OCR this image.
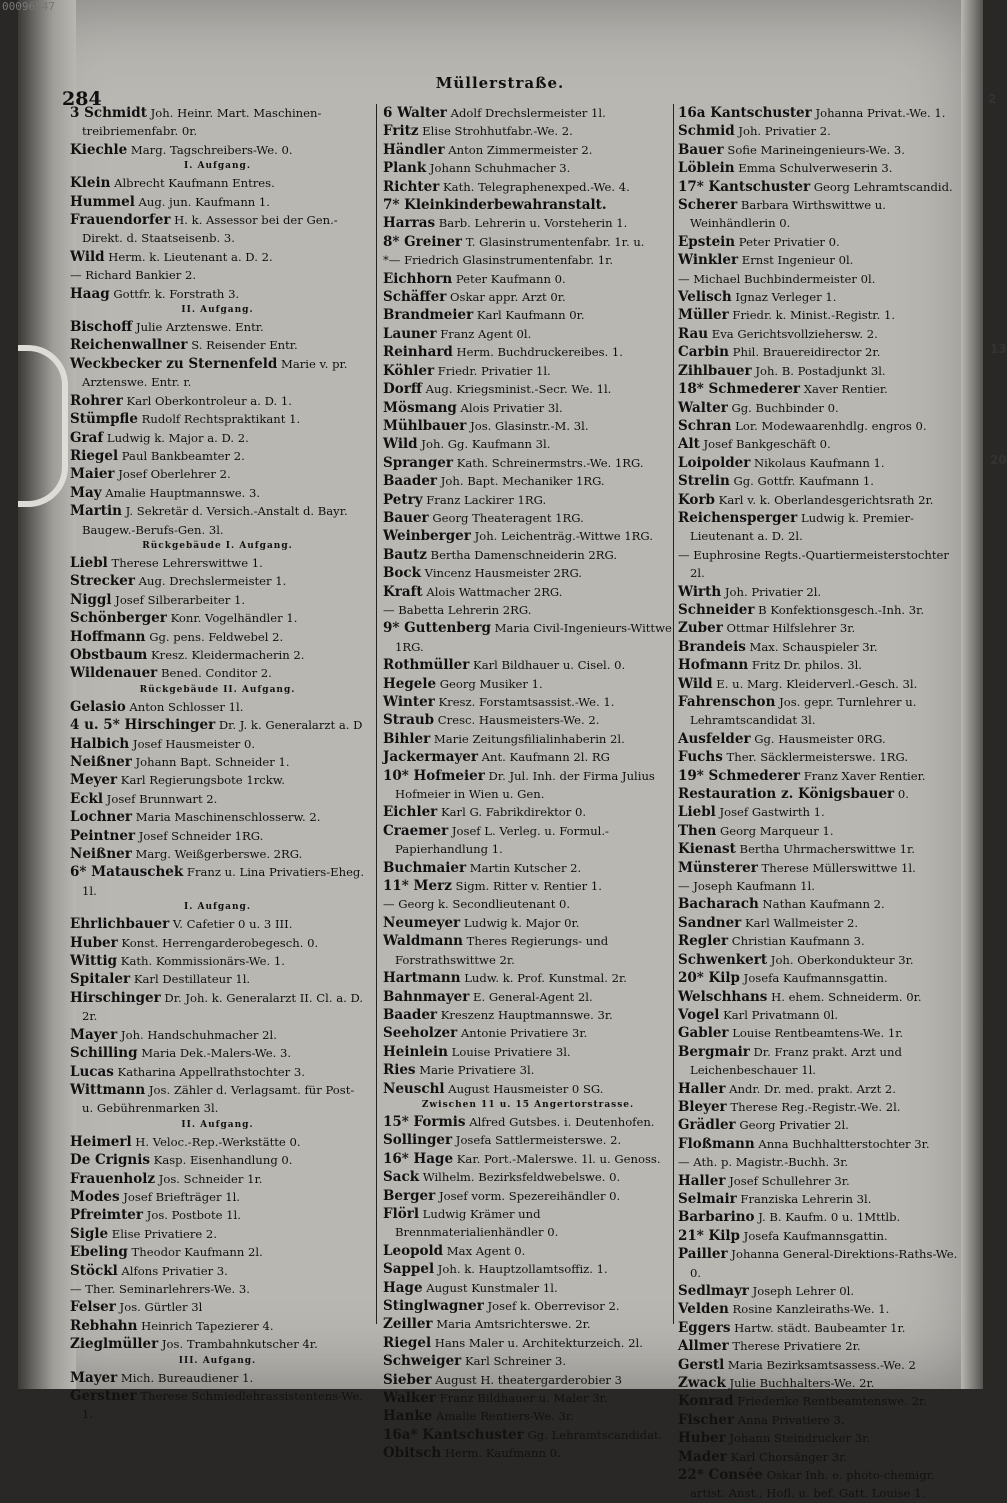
00096547
Müllerstraße.
284	2
13
20
3 Schmidt Joh. Heinr. Mart. Maschinen-treibriemenfabr. 0r.
Kiechle Marg. Tagschreibers-We. 0.
I. Aufgang.
Klein Albrecht Kaufmann Entres.
Hummel Aug. jun. Kaufmann 1.
Frauendorfer H. k. Assessor bei der Gen.-Direkt. d. Staatseisenb. 3.
Wild Herm. k. Lieutenant a. D. 2.
— Richard Bankier 2.
Haag Gottfr. k. Forstrath 3.
II. Aufgang.
Bischoff Julie Arztenswe. Entr.
Reichenwallner S. Reisender Entr.
Weckbecker zu Sternenfeld Marie v. pr. Arztenswe. Entr. r.
Rohrer Karl Oberkontroleur a. D. 1.
Stümpfle Rudolf Rechtspraktikant 1.
Graf Ludwig k. Major a. D. 2.
Riegel Paul Bankbeamter 2.
Maier Josef Oberlehrer 2.
May Amalie Hauptmannswe. 3.
Martin J. Sekretär d. Versich.-Anstalt d. Bayr. Baugew.-Berufs-Gen. 3l.
Rückgebäude I. Aufgang.
Liebl Therese Lehrerswittwe 1.
Strecker Aug. Drechslermeister 1.
Niggl Josef Silberarbeiter 1.
Schönberger Konr. Vogelhändler 1.
Hoffmann Gg. pens. Feldwebel 2.
Obstbaum Kresz. Kleidermacherin 2.
Wildenauer Bened. Conditor 2.
Rückgebäude II. Aufgang.
Gelasio Anton Schlosser 1l.
4 u. 5* Hirschinger Dr. J. k. Generalarzt a. D
Halbich Josef Hausmeister 0.
Neißner Johann Bapt. Schneider 1.
Meyer Karl Regierungsbote 1rckw.
Eckl Josef Brunnwart 2.
Lochner Maria Maschinenschlosserw. 2.
Peintner Josef Schneider 1RG.
Neißner Marg. Weißgerberswe. 2RG.
6* Matauschek Franz u. Lina Privatiers-Eheg. 1l.
I. Aufgang.
Ehrlichbauer V. Cafetier 0 u. 3 III.
Huber Konst. Herrengarderobegesch. 0.
Wittig Kath. Kommissionärs-We. 1.
Spitaler Karl Destillateur 1l.
Hirschinger Dr. Joh. k. Generalarzt II. Cl. a. D. 2r.
Mayer Joh. Handschuhmacher 2l.
Schilling Maria Dek.-Malers-We. 3.
Lucas Katharina Appellrathstochter 3.
Wittmann Jos. Zähler d. Verlagsamt. für Post- u. Gebührenmarken 3l.
II. Aufgang.
Heimerl H. Veloc.-Rep.-Werkstätte 0.
De Crignis Kasp. Eisenhandlung 0.
Frauenholz Jos. Schneider 1r.
Modes Josef Briefträger 1l.
Pfreimter Jos. Postbote 1l.
Sigle Elise Privatiere 2.
Ebeling Theodor Kaufmann 2l.
Stöckl Alfons Privatier 3.
— Ther. Seminarlehrers-We. 3.
Felser Jos. Gürtler 3l
Rebhahn Heinrich Tapezierer 4.
Zieglmüller Jos. Trambahnkutscher 4r.
III. Aufgang.
Mayer Mich. Bureaudiener 1.
Gerstner Therese Schmiedlehrassistentens-We. 1.
6 Walter Adolf Drechslermeister 1l.
Fritz Elise Strohhutfabr.-We. 2.
Händler Anton Zimmermeister 2.
Plank Johann Schuhmacher 3.
Richter Kath. Telegraphenexped.-We. 4.
7* Kleinkinderbewahranstalt.
Harras Barb. Lehrerin u. Vorsteherin 1.
8* Greiner T. Glasinstrumentenfabr. 1r. u.
*— Friedrich Glasinstrumentenfabr. 1r.
Eichhorn Peter Kaufmann 0.
Schäffer Oskar appr. Arzt 0r.
Brandmeier Karl Kaufmann 0r.
Launer Franz Agent 0l.
Reinhard Herm. Buchdruckereibes. 1.
Köhler Friedr. Privatier 1l.
Dorff Aug. Kriegsminist.-Secr. We. 1l.
Mösmang Alois Privatier 3l.
Mühlbauer Jos. Glasinstr.-M. 3l.
Wild Joh. Gg. Kaufmann 3l.
Spranger Kath. Schreinermstrs.-We. 1RG.
Baader Joh. Bapt. Mechaniker 1RG.
Petry Franz Lackirer 1RG.
Bauer Georg Theateragent 1RG.
Weinberger Joh. Leichenträg.-Wittwe 1RG.
Bautz Bertha Damenschneiderin 2RG.
Bock Vincenz Hausmeister 2RG.
Kraft Alois Wattmacher 2RG.
— Babetta Lehrerin 2RG.
9* Guttenberg Maria Civil-Ingenieurs-Wittwe 1RG.
Rothmüller Karl Bildhauer u. Cisel. 0.
Hegele Georg Musiker 1.
Winter Kresz. Forstamtsassist.-We. 1.
Straub Cresc. Hausmeisters-We. 2.
Bihler Marie Zeitungsfilialinhaberin 2l.
Jackermayer Ant. Kaufmann 2l. RG
10* Hofmeier Dr. Jul. Inh. der Firma Julius Hofmeier in Wien u. Gen.
Eichler Karl G. Fabrikdirektor 0.
Craemer Josef L. Verleg. u. Formul.-Papierhandlung 1.
Buchmaier Martin Kutscher 2.
11* Merz Sigm. Ritter v. Rentier 1.
— Georg k. Secondlieutenant 0.
Neumeyer Ludwig k. Major 0r.
Waldmann Theres Regierungs- und Forstrathswittwe 2r.
Hartmann Ludw. k. Prof. Kunstmal. 2r.
Bahnmayer E. General-Agent 2l.
Baader Kreszenz Hauptmannswe. 3r.
Seeholzer Antonie Privatiere 3r.
Heinlein Louise Privatiere 3l.
Ries Marie Privatiere 3l.
Neuschl August Hausmeister 0 SG.
Zwischen 11 u. 15 Angertorstrasse.
15* Formis Alfred Gutsbes. i. Deutenhofen.
Sollinger Josefa Sattlermeisterswe. 2.
16* Hage Kar. Port.-Malerswe. 1l. u. Genoss.
Sack Wilhelm. Bezirksfeldwebelswe. 0.
Berger Josef vorm. Spezereihändler 0.
Flörl Ludwig Krämer und Brennmaterialienhändler 0.
Leopold Max Agent 0.
Sappel Joh. k. Hauptzollamtsoffiz. 1.
Hage August Kunstmaler 1l.
Stinglwagner Josef k. Oberrevisor 2.
Zeiller Maria Amtsrichterswe. 2r.
Riegel Hans Maler u. Architekturzeich. 2l.
Schweiger Karl Schreiner 3.
Sieber August H. theatergarderobier 3
Walker Franz Bildhauer u. Maler 3r.
Hanke Amalie Rentiers-We. 3r.
16a* Kantschuster Gg. Lehramtscandidat.
Obitsch Herm. Kaufmann 0.
16a Kantschuster Johanna Privat.-We. 1.
Schmid Joh. Privatier 2.
Bauer Sofie Marineingenieurs-We. 3.
Löblein Emma Schulverweserin 3.
17* Kantschuster Georg Lehramtscandid.
Scherer Barbara Wirthswittwe u. Weinhändlerin 0.
Epstein Peter Privatier 0.
Winkler Ernst Ingenieur 0l.
— Michael Buchbindermeister 0l.
Velisch Ignaz Verleger 1.
Müller Friedr. k. Minist.-Registr. 1.
Rau Eva Gerichtsvollziehersw. 2.
Carbin Phil. Brauereidirector 2r.
Zihlbauer Joh. B. Postadjunkt 3l.
18* Schmederer Xaver Rentier.
Walter Gg. Buchbinder 0.
Schran Lor. Modewaarenhdlg. engros 0.
Alt Josef Bankgeschäft 0.
Loipolder Nikolaus Kaufmann 1.
Strelin Gg. Gottfr. Kaufmann 1.
Korb Karl v. k. Oberlandesgerichtsrath 2r.
Reichensperger Ludwig k. Premier-Lieutenant a. D. 2l.
— Euphrosine Regts.-Quartiermeisterstochter 2l.
Wirth Joh. Privatier 2l.
Schneider B Konfektionsgesch.-Inh. 3r.
Zuber Ottmar Hilfslehrer 3r.
Brandeis Max. Schauspieler 3r.
Hofmann Fritz Dr. philos. 3l.
Wild E. u. Marg. Kleiderverl.-Gesch. 3l.
Fahrenschon Jos. gepr. Turnlehrer u. Lehramtscandidat 3l.
Ausfelder Gg. Hausmeister 0RG.
Fuchs Ther. Säcklermeisterswe. 1RG.
19* Schmederer Franz Xaver Rentier.
Restauration z. Königsbauer 0.
Liebl Josef Gastwirth 1.
Then Georg Marqueur 1.
Kienast Bertha Uhrmacherswittwe 1r.
Münsterer Therese Müllerswittwe 1l.
— Joseph Kaufmann 1l.
Bacharach Nathan Kaufmann 2.
Sandner Karl Wallmeister 2.
Regler Christian Kaufmann 3.
Schwenkert Joh. Oberkondukteur 3r.
20* Kilp Josefa Kaufmannsgattin.
Welschhans H. ehem. Schneiderm. 0r.
Vogel Karl Privatmann 0l.
Gabler Louise Rentbeamtens-We. 1r.
Bergmair Dr. Franz prakt. Arzt und Leichenbeschauer 1l.
Haller Andr. Dr. med. prakt. Arzt 2.
Bleyer Therese Reg.-Registr.-We. 2l.
Grädler Georg Privatier 2l.
Floßmann Anna Buchhaltterstochter 3r.
— Ath. p. Magistr.-Buchh. 3r.
Haller Josef Schullehrer 3r.
Selmair Franziska Lehrerin 3l.
Barbarino J. B. Kaufm. 0 u. 1Mttlb.
21* Kilp Josefa Kaufmannsgattin.
Pailler Johanna General-Direktions-Raths-We. 0.
Sedlmayr Joseph Lehrer 0l.
Velden Rosine Kanzleiraths-We. 1.
Eggers Hartw. städt. Baubeamter 1r.
Allmer Therese Privatiere 2r.
Gerstl Maria Bezirksamtsassess.-We. 2
Zwack Julie Buchhalters-We. 2r.
Konrad Friederike Rentbeamtenswe. 2r.
Fischer Anna Privatiere 3.
Huber Johann Steindrucker 3r.
Mader Karl Chorsänger 3r.
22* Consée Oskar Inh. e. photo-chemigr. artist. Anst., Hofl. u. bef. Gatt. Louise 1.
